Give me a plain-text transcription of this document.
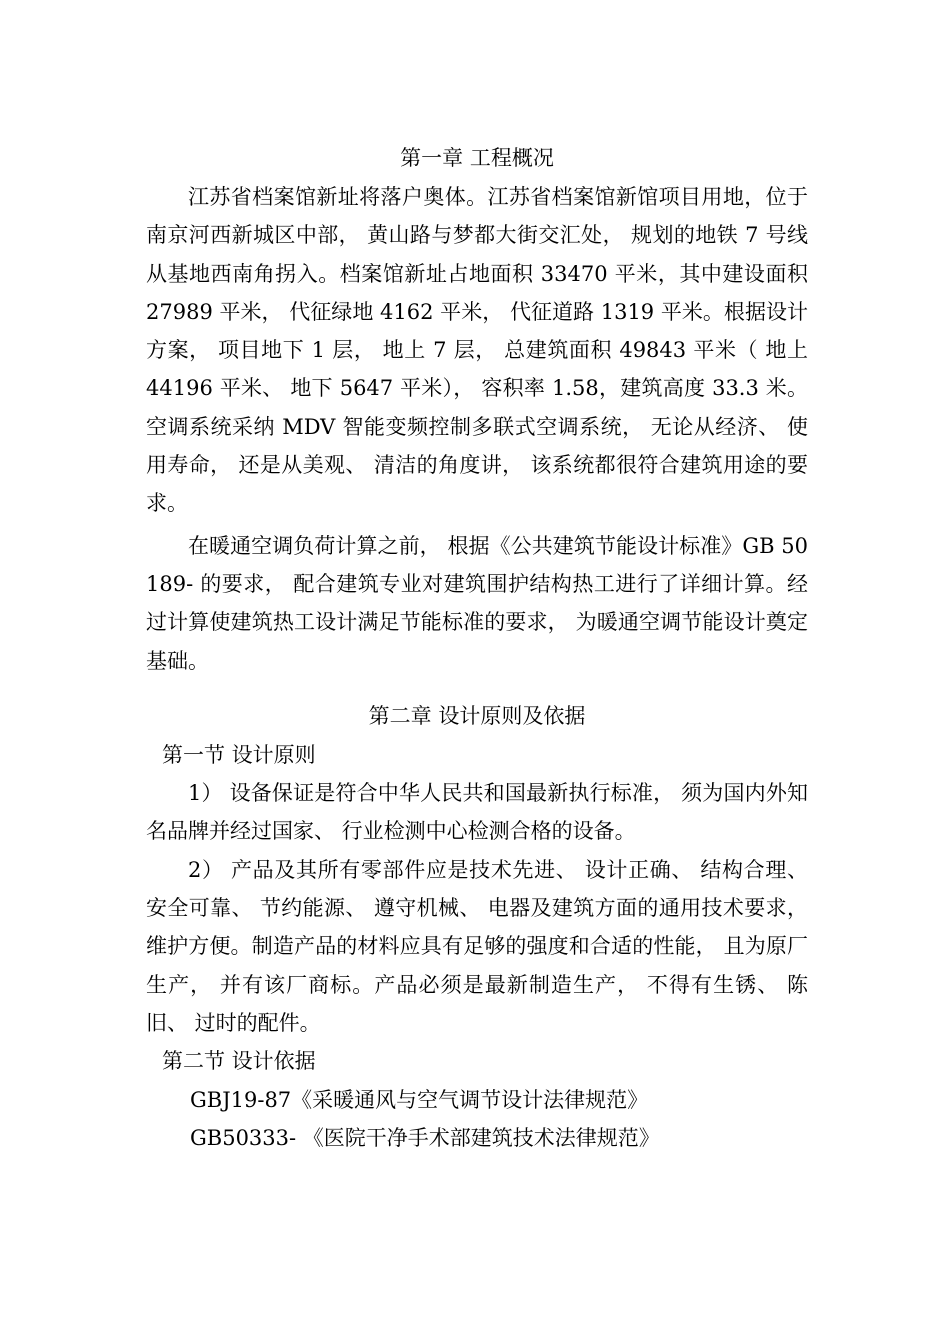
第一章 工程概况

江苏省档案馆新址将落户奥体。江苏省档案馆新馆项目用地，位于南京河西新城区中部， 黄山路与梦都大街交汇处， 规划的地铁 7 号线从基地西南角拐入。档案馆新址占地面积 33470 平米，其中建设面积 27989 平米， 代征绿地 4162 平米， 代征道路 1319 平米。根据设计方案， 项目地下 1 层， 地上 7 层， 总建筑面积 49843 平米（ 地上 44196 平米、 地下 5647 平米）， 容积率 1.58，建筑高度 33.3 米。空调系统采纳 MDV 智能变频控制多联式空调系统， 无论从经济、 使用寿命， 还是从美观、 清洁的角度讲， 该系统都很符合建筑用途的要求。

在暖通空调负荷计算之前， 根据《公共建筑节能设计标准》GB 50189- 的要求， 配合建筑专业对建筑围护结构热工进行了详细计算。经过计算使建筑热工设计满足节能标准的要求， 为暖通空调节能设计奠定基础。

第二章 设计原则及依据

第一节 设计原则

1） 设备保证是符合中华人民共和国最新执行标准， 须为国内外知名品牌并经过国家、 行业检测中心检测合格的设备。

2） 产品及其所有零部件应是技术先进、 设计正确、 结构合理、 安全可靠、 节约能源、 遵守机械、 电器及建筑方面的通用技术要求， 维护方便。制造产品的材料应具有足够的强度和合适的性能， 且为原厂生产， 并有该厂商标。产品必须是最新制造生产， 不得有生锈、 陈旧、 过时的配件。

第二节 设计依据

GBJ19-87《采暖通风与空气调节设计法律规范》

GB50333- 《医院干净手术部建筑技术法律规范》
